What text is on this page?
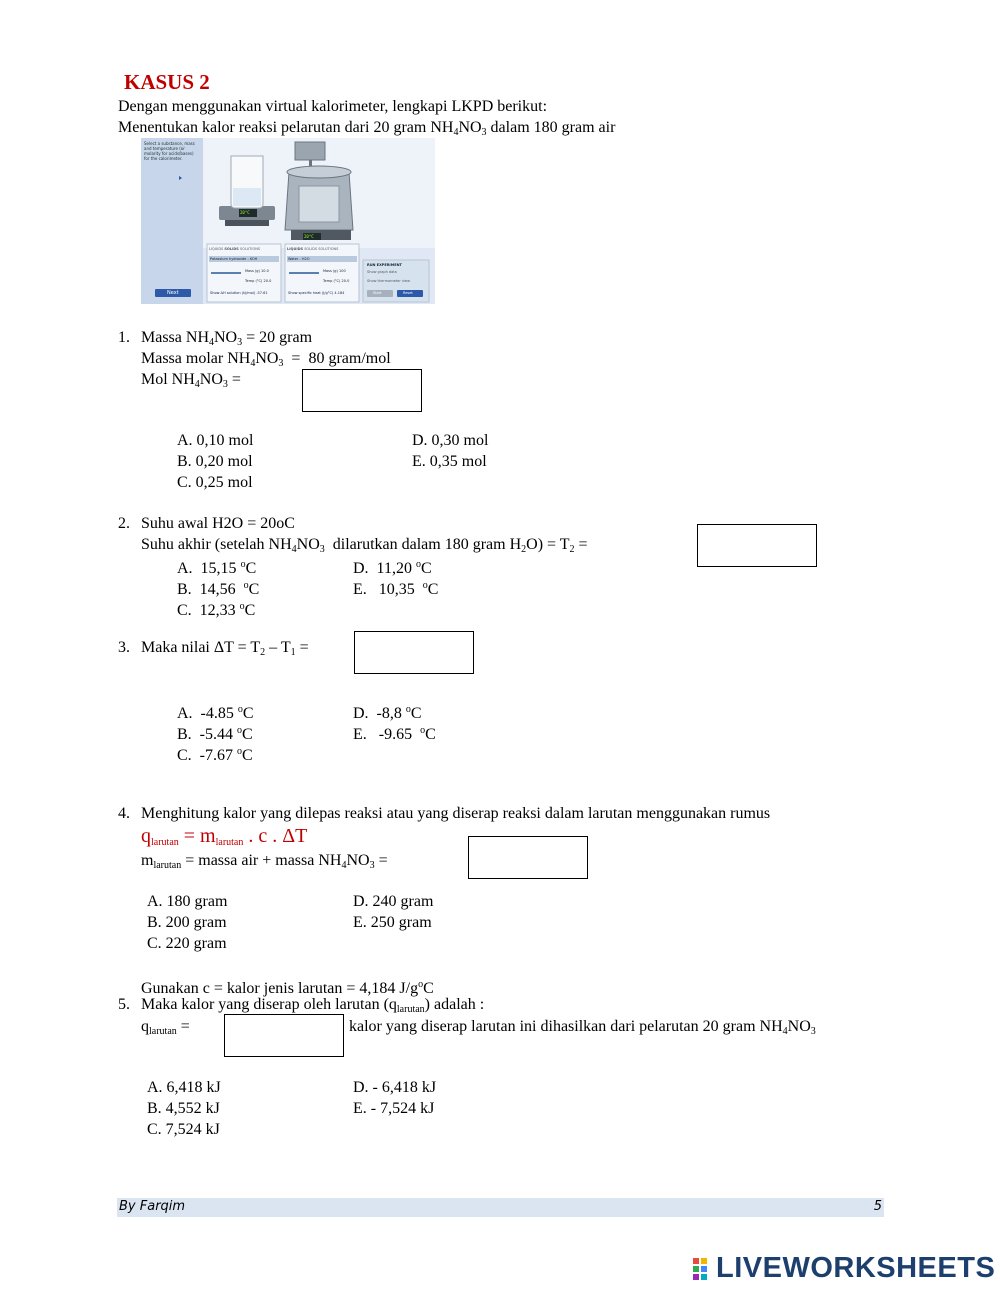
KASUS 2
Dengan menggunakan virtual kalorimeter, lengkapi LKPD berikut:
Menentukan kalor reaksi pelarutan dari 20 gram $NH_4NO_3$ dalam 180 gram air
Select a substance, mass and temperature (or molarity for acids/bases) for the calorimeter.
Next
LIQUIDS SOLIDS SOLUTIONS	LIQUIDS SOLIDS SOLUTIONS
Potassium hydroxide - KOH	Water - H2O
Mass (g) 10.0
Temp (°C) 20.0
Mass (g) 100
Temp (°C) 20.0
Show ΔH solution (kJ/mol) -57.61	Show specific heat (J/g°C) 4.184
RUN EXPERIMENT
Show graph data
Show thermometer view
Start	Reset
20°C
20°C
1. Massa $NH_4NO_3 = 20$ gram
Massa molar $NH_4NO_3 = 80$ gram/mol
Mol $NH_4NO_3$ =
A. 0,10 mol
B. 0,20 mol
C. 0,25 mol
D. 0,30 mol
E. 0,35 mol
2. Suhu awal H2O = 20oC
Suhu akhir (setelah $NH_4NO_3$  dilarutkan dalam 180 gram $H_2O) = T_2$ =
A.  15,15 $^o$C
B.  14,56  $^o$C
C.  12,33 $^o$C
D.  11,20 $^o$C
E.   10,35  $^o$C
3. Maka nilai $\Delta T = T_2 - T_1$ =
A.  -4.85 $^o$C
B.  -5.44 $^o$C
C.  -7.67 $^o$C
D.  -8,8 $^o$C
E.   -9.65  $^o$C
4. Menghitung kalor yang dilepas reaksi atau yang diserap reaksi dalam larutan menggunakan rumus
$q_{larutan} = m_{larutan}$ . c . ΔT
$m_{larutan}$ = massa air + massa $NH_4NO_3$ =
A. 180 gram
B. 200 gram
C. 220 gram
D. 240 gram
E. 250 gram
Gunakan c = kalor jenis larutan = 4,184 $J/g^oC$
5. Maka kalor yang diserap oleh larutan $(q_{larutan})$ adalah :
$q_{larutan}$ =	kalor yang diserap larutan ini dihasilkan dari pelarutan 20 gram $NH_4NO_3$
A. 6,418 kJ
B. 4,552 kJ
C. 7,524 kJ
D. - 6,418 kJ
E. - 7,524 kJ
By Farqim	5
LIVEWORKSHEETS
